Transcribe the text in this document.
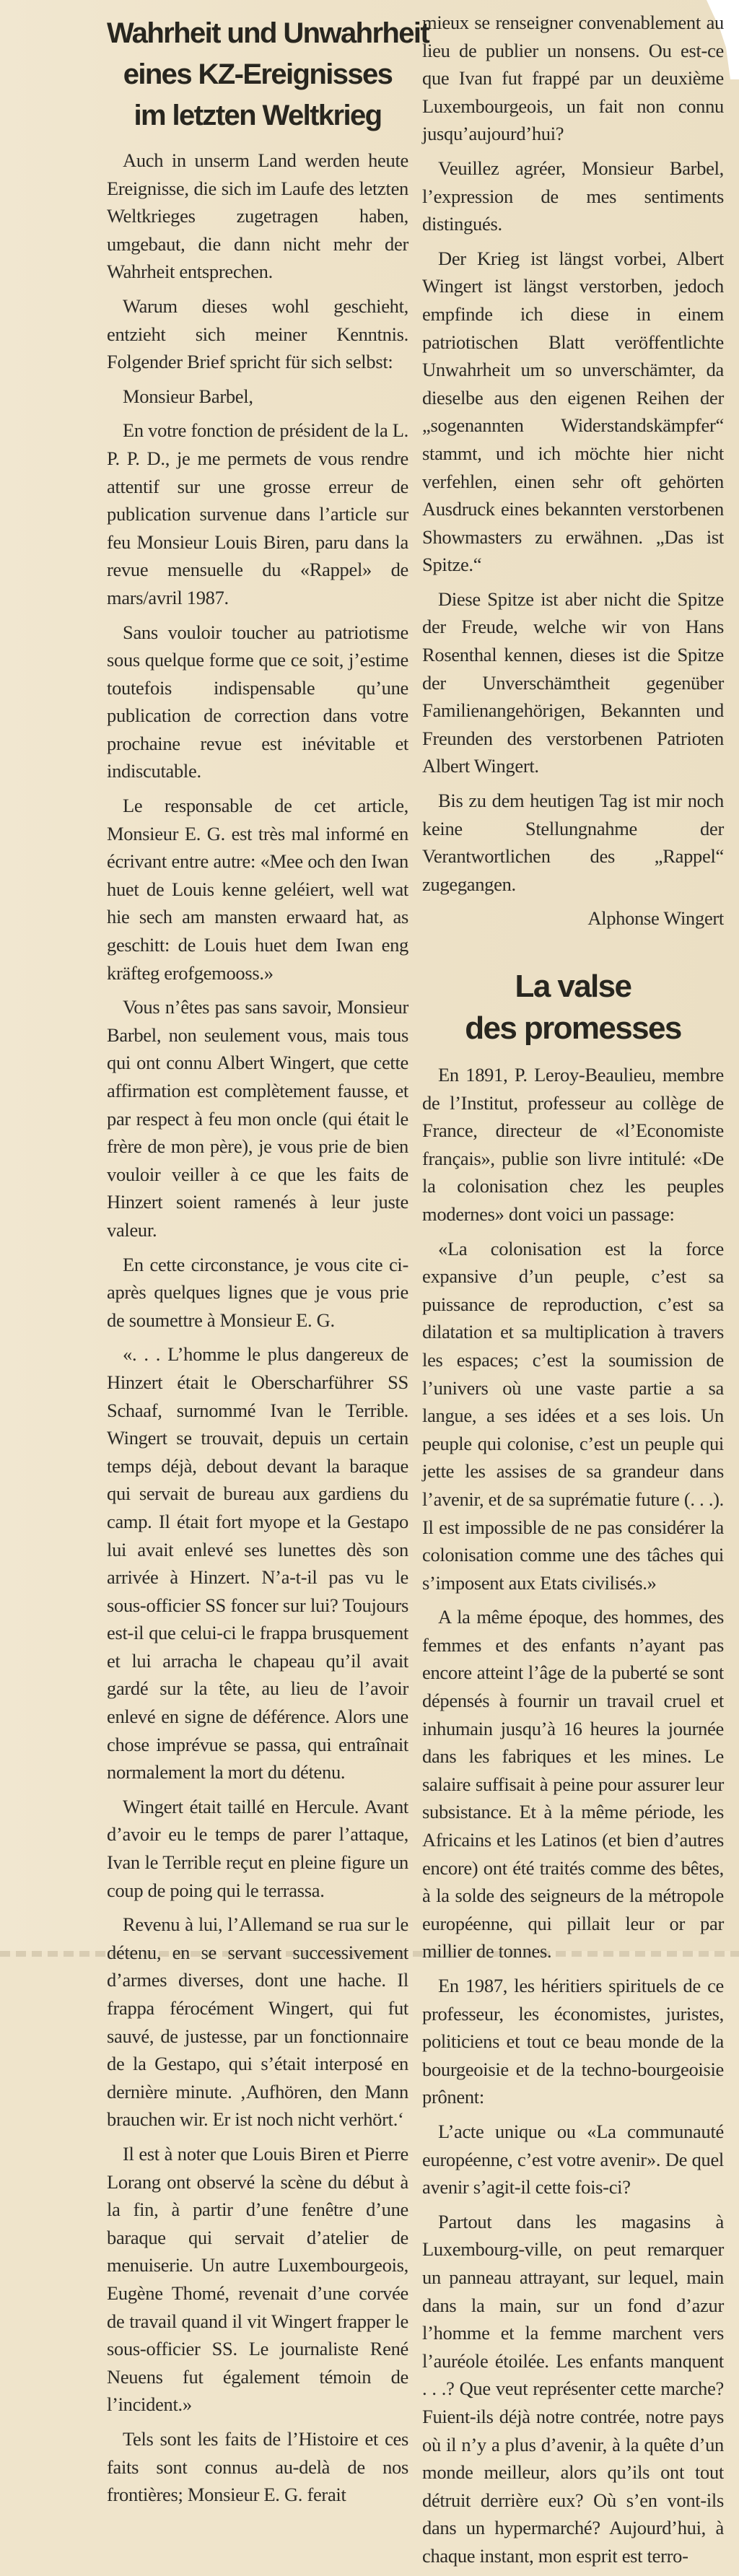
Wahrheit und Unwahrheit
eines KZ-Ereignisses
im letzten Weltkrieg

Auch in unserm Land werden heute Ereignisse, die sich im Laufe des letzten Weltkrieges zugetragen haben, umgebaut, die dann nicht mehr der Wahrheit entsprechen.

Warum dieses wohl geschieht, entzieht sich meiner Kenntnis. Folgender Brief spricht für sich selbst:

Monsieur Barbel,

En votre fonction de président de la L. P. P. D., je me permets de vous rendre attentif sur une grosse erreur de publication survenue dans l’article sur feu Monsieur Louis Biren, paru dans la revue mensuelle du «Rappel» de mars/avril 1987.

Sans vouloir toucher au patriotisme sous quelque forme que ce soit, j’estime toutefois indispensable qu’une publication de correction dans votre prochaine revue est inévitable et indiscutable.

Le responsable de cet article, Monsieur E. G. est très mal informé en écrivant entre autre: «Mee och den Iwan huet de Louis kenne geléiert, well wat hie sech am mansten erwaard hat, as geschitt: de Louis huet dem Iwan eng kräfteg erofgemooss.»

Vous n’êtes pas sans savoir, Monsieur Barbel, non seulement vous, mais tous qui ont connu Albert Wingert, que cette affirmation est complètement fausse, et par respect à feu mon oncle (qui était le frère de mon père), je vous prie de bien vouloir veiller à ce que les faits de Hinzert soient ramenés à leur juste valeur.

En cette circonstance, je vous cite ci-après quelques lignes que je vous prie de soumettre à Monsieur E. G.

«. . . L’homme le plus dangereux de Hinzert était le Oberscharführer SS Schaaf, surnommé Ivan le Terrible. Wingert se trouvait, depuis un certain temps déjà, debout devant la baraque qui servait de bureau aux gardiens du camp. Il était fort myope et la Gestapo lui avait enlevé ses lunettes dès son arrivée à Hinzert. N’a-t-il pas vu le sous-officier SS foncer sur lui? Toujours est-il que celui-ci le frappa brusquement et lui arracha le chapeau qu’il avait gardé sur la tête, au lieu de l’avoir enlevé en signe de déférence. Alors une chose imprévue se passa, qui entraînait normalement la mort du détenu.

Wingert était taillé en Hercule. Avant d’avoir eu le temps de parer l’attaque, Ivan le Terrible reçut en pleine figure un coup de poing qui le terrassa.

Revenu à lui, l’Allemand se rua sur le détenu, en se servant successivement d’armes diverses, dont une hache. Il frappa férocément Wingert, qui fut sauvé, de justesse, par un fonctionnaire de la Gestapo, qui s’était interposé en dernière minute. ‚Aufhören, den Mann brauchen wir. Er ist noch nicht verhört.‘

Il est à noter que Louis Biren et Pierre Lorang ont observé la scène du début à la fin, à partir d’une fenêtre d’une baraque qui servait d’atelier de menuiserie. Un autre Luxembourgeois, Eugène Thomé, revenait d’une corvée de travail quand il vit Wingert frapper le sous-officier SS. Le journaliste René Neuens fut également témoin de l’incident.»

Tels sont les faits de l’Histoire et ces faits sont connus au-delà de nos frontières; Monsieur E. G. ferait

mieux se renseigner convenablement au lieu de publier un nonsens. Ou est-ce que Ivan fut frappé par un deuxième Luxembourgeois, un fait non connu jusqu’aujourd’hui?

Veuillez agréer, Monsieur Barbel, l’expression de mes sentiments distingués.

Der Krieg ist längst vorbei, Albert Wingert ist längst verstorben, jedoch empfinde ich diese in einem patriotischen Blatt veröffentlichte Unwahrheit um so unverschämter, da dieselbe aus den eigenen Reihen der „sogenannten Widerstandskämpfer“ stammt, und ich möchte hier nicht verfehlen, einen sehr oft gehörten Ausdruck eines bekannten verstorbenen Showmasters zu erwähnen. „Das ist Spitze.“

Diese Spitze ist aber nicht die Spitze der Freude, welche wir von Hans Rosenthal kennen, dieses ist die Spitze der Unverschämtheit gegenüber Familienangehörigen, Bekannten und Freunden des verstorbenen Patrioten Albert Wingert.

Bis zu dem heutigen Tag ist mir noch keine Stellungnahme der Verantwortlichen des „Rappel“ zugegangen.

Alphonse Wingert

La valse
des promesses

En 1891, P. Leroy-Beaulieu, membre de l’Institut, professeur au collège de France, directeur de «l’Economiste français», publie son livre intitulé: «De la colonisation chez les peuples modernes» dont voici un passage:

«La colonisation est la force expansive d’un peuple, c’est sa puissance de reproduction, c’est sa dilatation et sa multiplication à travers les espaces; c’est la soumission de l’univers où une vaste partie a sa langue, a ses idées et a ses lois. Un peuple qui colonise, c’est un peuple qui jette les assises de sa grandeur dans l’avenir, et de sa suprématie future (. . .). Il est impossible de ne pas considérer la colonisation comme une des tâches qui s’imposent aux Etats civilisés.»

A la même époque, des hommes, des femmes et des enfants n’ayant pas encore atteint l’âge de la puberté se sont dépensés à fournir un travail cruel et inhumain jusqu’à 16 heures la journée dans les fabriques et les mines. Le salaire suffisait à peine pour assurer leur subsistance. Et à la même période, les Africains et les Latinos (et bien d’autres encore) ont été traités comme des bêtes, à la solde des seigneurs de la métropole européenne, qui pillait leur or par millier de tonnes.

En 1987, les héritiers spirituels de ce professeur, les économistes, juristes, politiciens et tout ce beau monde de la bourgeoisie et de la techno-bourgeoisie prônent:

L’acte unique ou «La communauté européenne, c’est votre avenir». De quel avenir s’agit-il cette fois-ci?

Partout dans les magasins à Luxembourg-ville, on peut remarquer un panneau attrayant, sur lequel, main dans la main, sur un fond d’azur l’homme et la femme marchent vers l’auréole étoilée. Les enfants manquent . . .? Que veut représenter cette marche? Fuient-ils déjà notre contrée, notre pays où il n’y a plus d’avenir, à la quête d’un monde meilleur, alors qu’ils ont tout détruit derrière eux? Où s’en vont-ils dans un hypermarché? Aujourd’hui, à chaque instant, mon esprit est terro-
